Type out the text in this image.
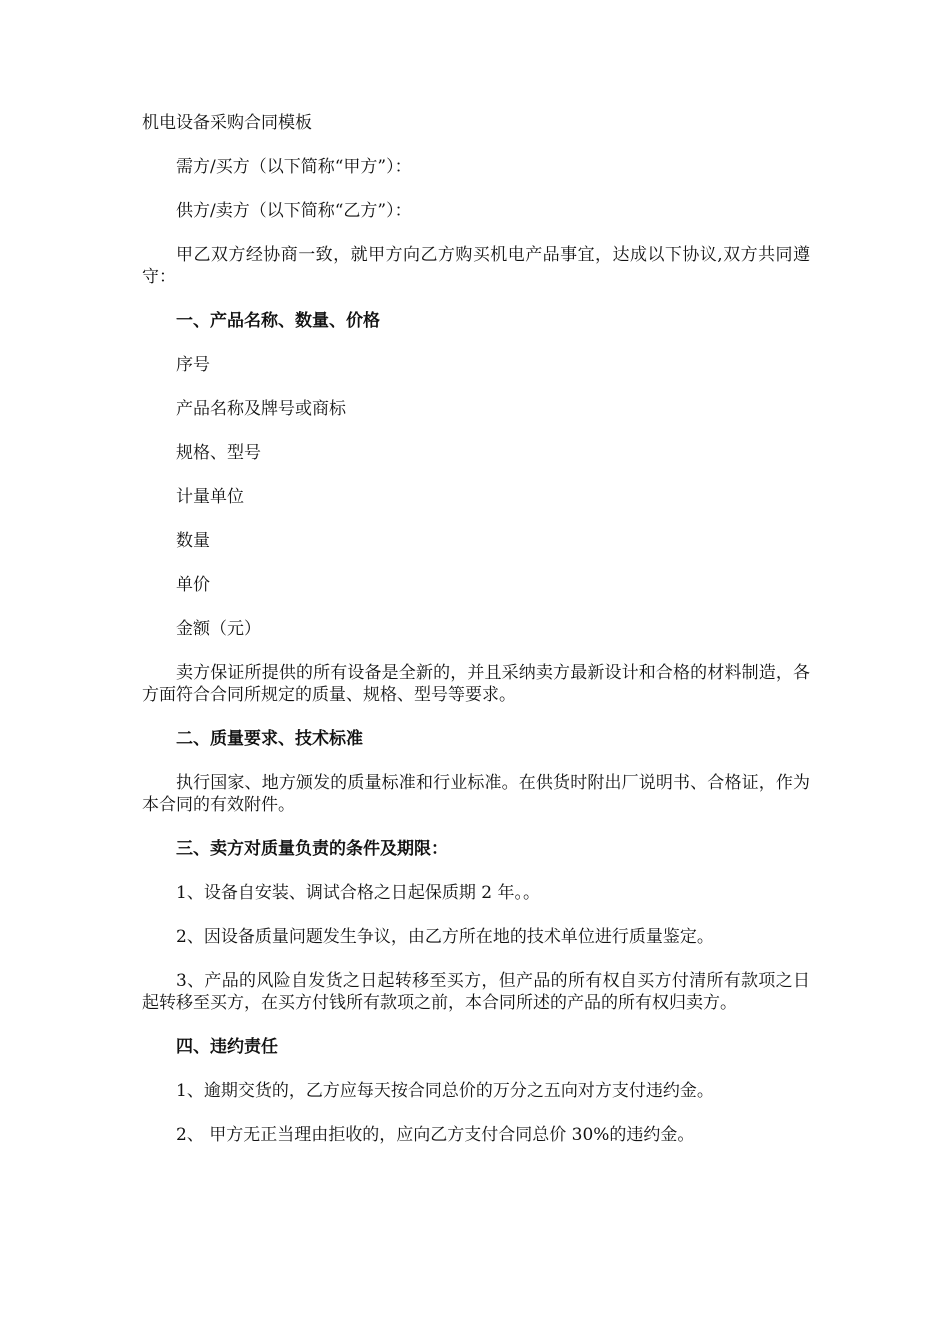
机电设备采购合同模板

需方/买方（以下简称“甲方”）：

供方/卖方（以下简称“乙方”）：

甲乙双方经协商一致，就甲方向乙方购买机电产品事宜，达成以下协议,双方共同遵守：

一、产品名称、数量、价格

序号

产品名称及牌号或商标

规格、型号

计量单位

数量

单价

金额（元）

卖方保证所提供的所有设备是全新的，并且采纳卖方最新设计和合格的材料制造，各方面符合合同所规定的质量、规格、型号等要求。

二、质量要求、技术标准

执行国家、地方颁发的质量标准和行业标准。在供货时附出厂说明书、合格证，作为本合同的有效附件。

三、卖方对质量负责的条件及期限：

1、设备自安装、调试合格之日起保质期 2 年。。

2、因设备质量问题发生争议，由乙方所在地的技术单位进行质量鉴定。

3、产品的风险自发货之日起转移至买方，但产品的所有权自买方付清所有款项之日起转移至买方，在买方付钱所有款项之前，本合同所述的产品的所有权归卖方。

四、违约责任

1、逾期交货的，乙方应每天按合同总价的万分之五向对方支付违约金。

2、 甲方无正当理由拒收的，应向乙方支付合同总价 30%的违约金。
